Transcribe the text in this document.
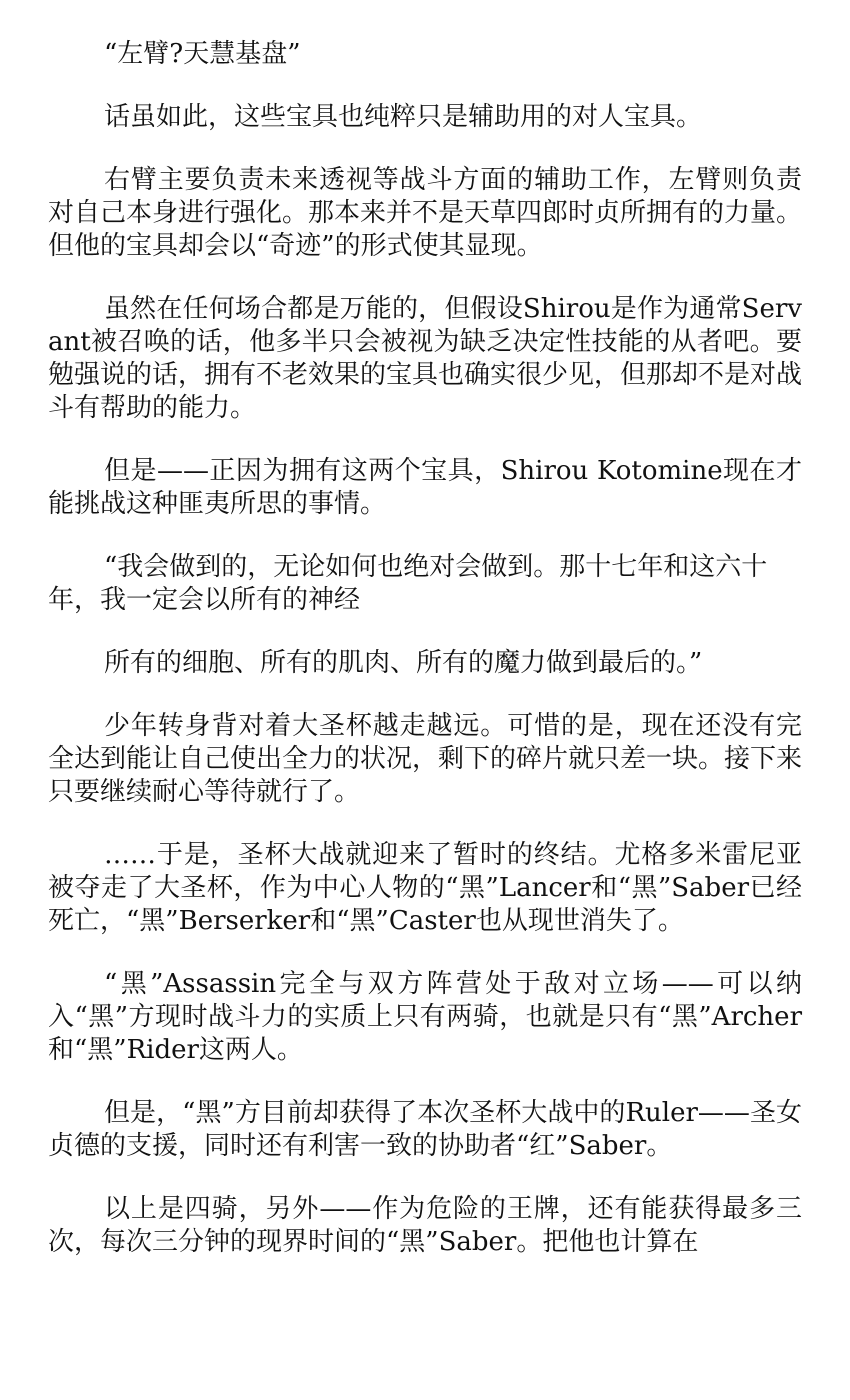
“左臂?天慧基盘”

话虽如此，这些宝具也纯粹只是辅助用的对人宝具。

右臂主要负责未来透视等战斗方面的辅助工作，左臂则负责对自己本身进行强化。那本来并不是天草四郎时贞所拥有的力量。但他的宝具却会以“奇迹”的形式使其显现。

虽然在任何场合都是万能的，但假设Shirou是作为通常Servant被召唤的话，他多半只会被视为缺乏决定性技能的从者吧。要勉强说的话，拥有不老效果的宝具也确实很少见，但那却不是对战斗有帮助的能力。

但是——正因为拥有这两个宝具，Shirou Kotomine现在才能挑战这种匪夷所思的事情。

“我会做到的，无论如何也绝对会做到。那十七年和这六十年，我一定会以所有的神经

所有的细胞、所有的肌肉、所有的魔力做到最后的。”

少年转身背对着大圣杯越走越远。可惜的是，现在还没有完全达到能让自己使出全力的状况，剩下的碎片就只差一块。接下来只要继续耐心等待就行了。

……于是，圣杯大战就迎来了暂时的终结。尤格多米雷尼亚被夺走了大圣杯，作为中心人物的“黑”Lancer和“黑”Saber已经死亡，“黑”Berserker和“黑”Caster也从现世消失了。

“黑”Assassin完全与双方阵营处于敌对立场——可以纳入“黑”方现时战斗力的实质上只有两骑，也就是只有“黑”Archer和“黑”Rider这两人。

但是，“黑”方目前却获得了本次圣杯大战中的Ruler——圣女贞德的支援，同时还有利害一致的协助者“红”Saber。

以上是四骑，另外——作为危险的王牌，还有能获得最多三次，每次三分钟的现界时间的“黑”Saber。把他也计算在
